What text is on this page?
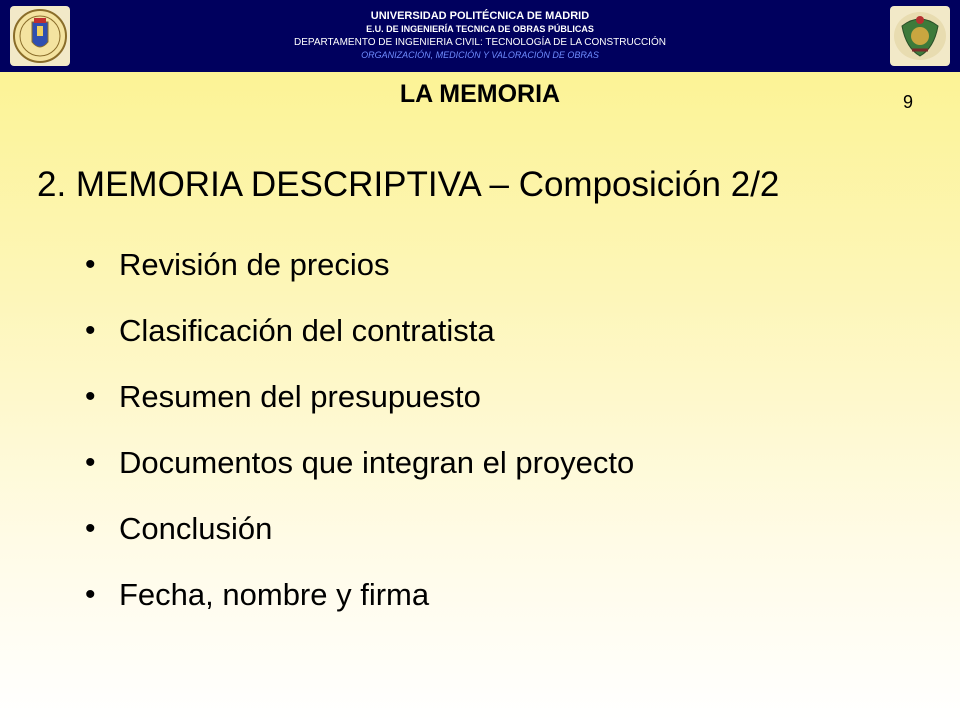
UNIVERSIDAD POLITÉCNICA DE MADRID
E.U. DE INGENIERÍA TECNICA DE OBRAS PÚBLICAS
DEPARTAMENTO DE INGENIERIA CIVIL: TECNOLOGÍA DE LA CONSTRUCCIÓN
ORGANIZACIÓN, MEDICIÓN Y VALORACIÓN DE OBRAS
LA MEMORIA	9
2. MEMORIA DESCRIPTIVA – Composición 2/2
• Revisión de precios
• Clasificación del contratista
• Resumen del presupuesto
• Documentos que integran el proyecto
• Conclusión
• Fecha, nombre y firma
